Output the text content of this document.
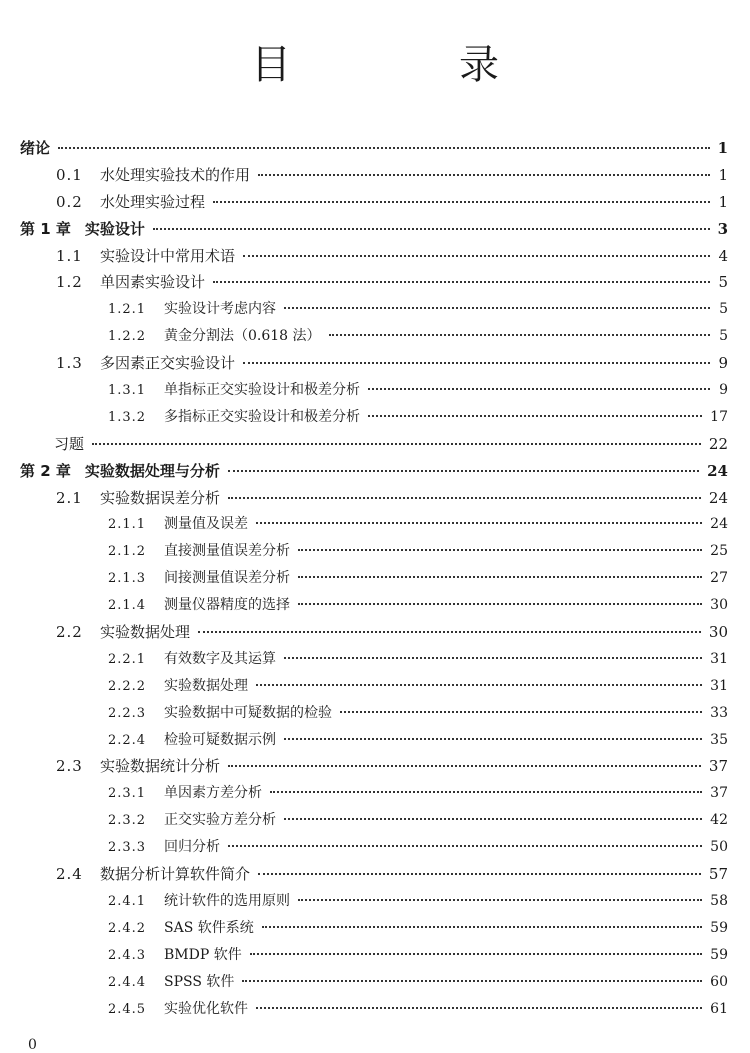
目　录
绪论	1
0.1	水处理实验技术的作用	1
0.2	水处理实验过程	1
第 1 章 实验设计	3
1.1	实验设计中常用术语	4
1.2	单因素实验设计	5
1.2.1	实验设计考虑内容	5
1.2.2	黄金分割法（0.618 法）	5
1.3	多因素正交实验设计	9
1.3.1	单指标正交实验设计和极差分析	9
1.3.2	多指标正交实验设计和极差分析	17
习题	22
第 2 章 实验数据处理与分析	24
2.1	实验数据误差分析	24
2.1.1	测量值及误差	24
2.1.2	直接测量值误差分析	25
2.1.3	间接测量值误差分析	27
2.1.4	测量仪器精度的选择	30
2.2	实验数据处理	30
2.2.1	有效数字及其运算	31
2.2.2	实验数据处理	31
2.2.3	实验数据中可疑数据的检验	33
2.2.4	检验可疑数据示例	35
2.3	实验数据统计分析	37
2.3.1	单因素方差分析	37
2.3.2	正交实验方差分析	42
2.3.3	回归分析	50
2.4	数据分析计算软件简介	57
2.4.1	统计软件的选用原则	58
2.4.2	SAS 软件系统	59
2.4.3	BMDP 软件	59
2.4.4	SPSS 软件	60
2.4.5	实验优化软件	61
0
